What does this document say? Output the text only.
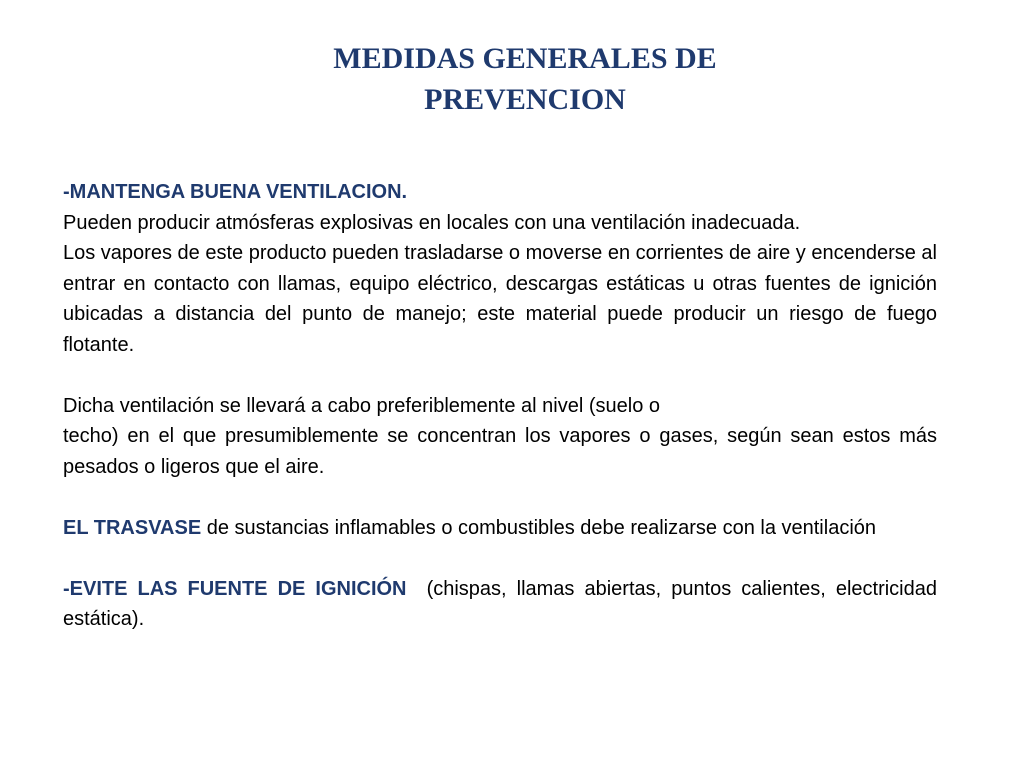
MEDIDAS GENERALES DE
PREVENCION

-MANTENGA BUENA VENTILACION.

Pueden producir atmósferas explosivas en locales con una ventilación inadecuada.

Los vapores de este producto pueden trasladarse o moverse en corrientes de aire y encenderse al entrar en contacto con llamas, equipo eléctrico, descargas estáticas u otras fuentes de ignición ubicadas a distancia del punto de manejo; este material puede producir un riesgo de fuego flotante.

Dicha ventilación se llevará a cabo preferiblemente al nivel (suelo o
techo) en el que presumiblemente se concentran los vapores o gases, según sean estos más pesados o ligeros que el aire.

EL TRASVASE de sustancias inflamables o combustibles debe realizarse con la ventilación

-EVITE LAS FUENTE DE IGNICIÓN  (chispas, llamas abiertas, puntos calientes, electricidad estática).
